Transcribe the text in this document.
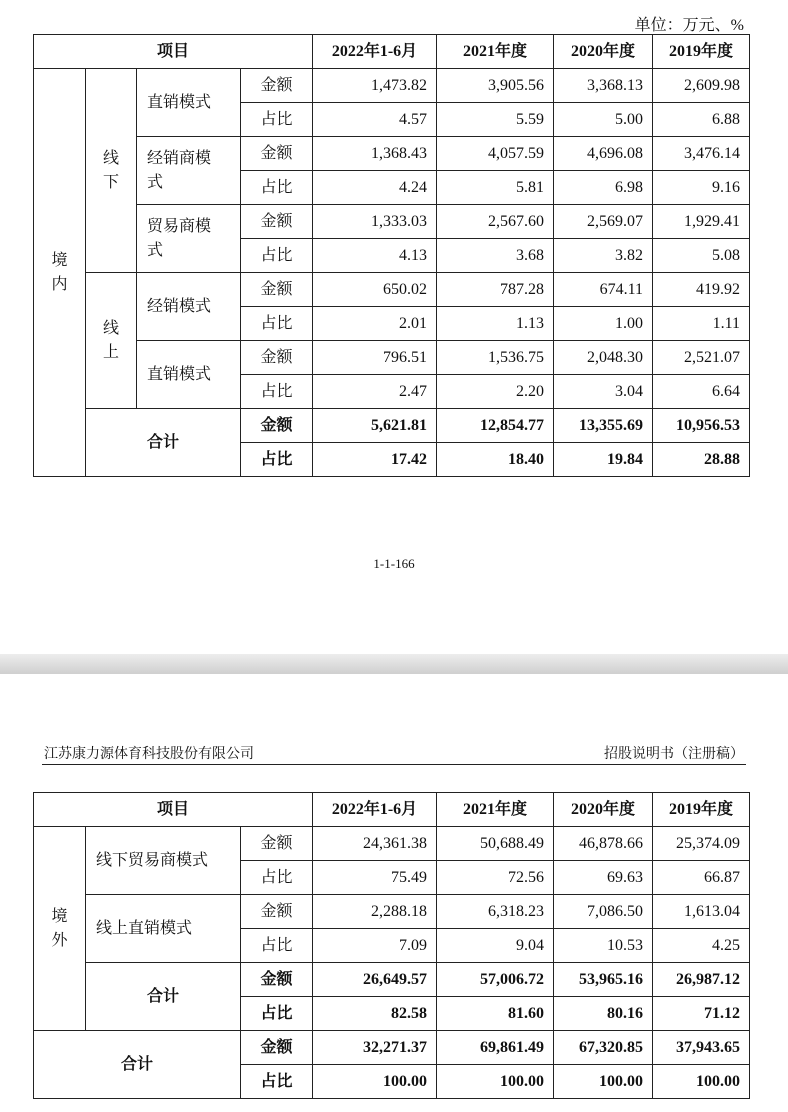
单位：万元、%
项目				2022年1-6月	2021年度	2020年度	2019年度
境内	线下	直销模式	金额	1,473.82	3,905.56	3,368.13	2,609.98
			占比	4.57	5.59	5.00	6.88
		经销商模式	金额	1,368.43	4,057.59	4,696.08	3,476.14
			占比	4.24	5.81	6.98	9.16
		贸易商模式	金额	1,333.03	2,567.60	2,569.07	1,929.41
			占比	4.13	3.68	3.82	5.08
	线上	经销模式	金额	650.02	787.28	674.11	419.92
			占比	2.01	1.13	1.00	1.11
		直销模式	金额	796.51	1,536.75	2,048.30	2,521.07
			占比	2.47	2.20	3.04	6.64
	合计		金额	5,621.81	12,854.77	13,355.69	10,956.53
			占比	17.42	18.40	19.84	28.88
1-1-166
江苏康力源体育科技股份有限公司	招股说明书（注册稿）
项目			2022年1-6月	2021年度	2020年度	2019年度
境外	线下贸易商模式	金额	24,361.38	50,688.49	46,878.66	25,374.09
		占比	75.49	72.56	69.63	66.87
	线上直销模式	金额	2,288.18	6,318.23	7,086.50	1,613.04
		占比	7.09	9.04	10.53	4.25
	合计	金额	26,649.57	57,006.72	53,965.16	26,987.12
		占比	82.58	81.60	80.16	71.12
合计		金额	32,271.37	69,861.49	67,320.85	37,943.65
		占比	100.00	100.00	100.00	100.00
